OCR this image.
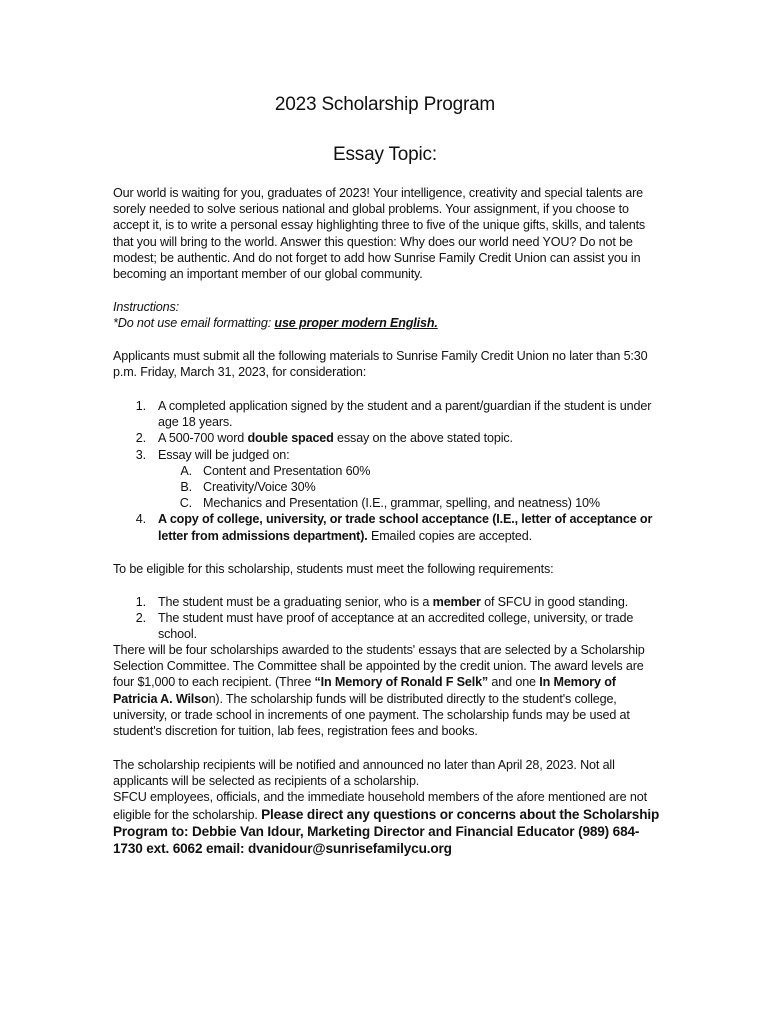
2023 Scholarship Program
Essay Topic:
Our world is waiting for you, graduates of 2023! Your intelligence, creativity and special talents are sorely needed to solve serious national and global problems. Your assignment, if you choose to accept it, is to write a personal essay highlighting three to five of the unique gifts, skills, and talents that you will bring to the world. Answer this question: Why does our world need YOU? Do not be modest; be authentic. And do not forget to add how Sunrise Family Credit Union can assist you in becoming an important member of our global community.
Instructions:
*Do not use email formatting: use proper modern English.
Applicants must submit all the following materials to Sunrise Family Credit Union no later than 5:30 p.m. Friday, March 31, 2023, for consideration:
1. A completed application signed by the student and a parent/guardian if the student is under age 18 years.
2. A 500-700 word double spaced essay on the above stated topic.
3. Essay will be judged on:
A. Content and Presentation 60%
B. Creativity/Voice 30%
C. Mechanics and Presentation (I.E., grammar, spelling, and neatness) 10%
4. A copy of college, university, or trade school acceptance (I.E., letter of acceptance or letter from admissions department). Emailed copies are accepted.
To be eligible for this scholarship, students must meet the following requirements:
1. The student must be a graduating senior, who is a member of SFCU in good standing.
2. The student must have proof of acceptance at an accredited college, university, or trade school.
There will be four scholarships awarded to the students' essays that are selected by a Scholarship Selection Committee. The Committee shall be appointed by the credit union. The award levels are four $1,000 to each recipient. (Three “In Memory of Ronald F Selk” and one In Memory of Patricia A. Wilson). The scholarship funds will be distributed directly to the student's college, university, or trade school in increments of one payment. The scholarship funds may be used at student's discretion for tuition, lab fees, registration fees and books.
The scholarship recipients will be notified and announced no later than April 28, 2023. Not all applicants will be selected as recipients of a scholarship.
SFCU employees, officials, and the immediate household members of the afore mentioned are not eligible for the scholarship. Please direct any questions or concerns about the Scholarship Program to: Debbie Van Idour, Marketing Director and Financial Educator (989) 684-1730 ext. 6062 email: dvanidour@sunrisefamilycu.org
